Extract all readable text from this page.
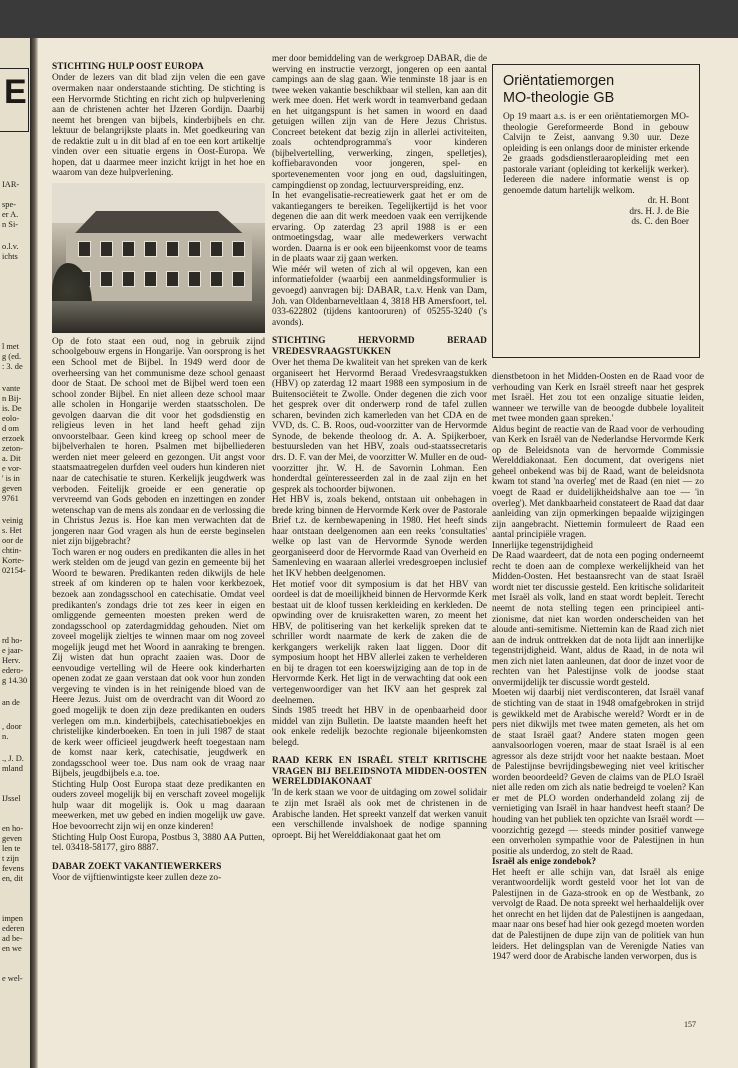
E
IAR-
spe-
er A.
n Si-
o.l.v.
ichts
l met
g (ed.
: 3. de
vante
n Bij-
is. De
eolo-
d om
erzoek
zeton-
a. Dit
e vor-
' is in
geven
9761
veinig
s. Het
oor de
chtin-
Korte-
02154-
rd ho-
e jaar-
Herv.
edero-
g 14.30
an de
, door
n.
., J. D.
mland
IJssel
en ho-
geven
len te
t zijn
fevens
en, dit
impen
ederen
ad be-
en we
e wel-
STICHTING HULP OOST EUROPA

Onder de lezers van dit blad zijn velen die een gave overmaken naar onderstaande stichting. De stichting is een Hervormde Stichting en richt zich op hulpverlening aan de christenen achter het IJzeren Gordijn. Daarbij neemt het brengen van bijbels, kinderbijbels en chr. lektuur de belangrijkste plaats in. Met goedkeuring van de redaktie zult u in dit blad af en toe een kort artikeltje vinden over een situatie ergens in Oost-Europa. We hopen, dat u daarmee meer inzicht krijgt in het hoe en waarom van deze hulpverlening.

Op de foto staat een oud, nog in gebruik zijnd schoolgebouw ergens in Hongarije. Van oorsprong is het een School met de Bijbel. In 1949 werd door de overheersing van het communisme deze school genaast door de Staat. De school met de Bijbel werd toen een school zonder Bijbel. En niet alleen deze school maar alle scholen in Hongarije werden staatsscholen. De gevolgen daarvan die dit voor het godsdienstig en religieus leven in het land heeft gehad zijn onvoorstelbaar. Geen kind kreeg op school meer de bijbelverhalen te horen. Psalmen met bijbelliederen werden niet meer geleerd en gezongen. Uit angst voor staatsmaatregelen durfden veel ouders hun kinderen niet naar de catechisatie te sturen. Kerkelijk jeugdwerk was verboden. Feitelijk groeide er een generatie op vervreemd van Gods geboden en inzettingen en zonder wetenschap van de mens als zondaar en de verlossing die in Christus Jezus is. Hoe kan men verwachten dat de jongeren naar God vragen als hun de eerste beginselen niet zijn bijgebracht?

Toch waren er nog ouders en predikanten die alles in het werk stelden om de jeugd van gezin en gemeente bij het Woord te bewaren. Predikanten reden dikwijls de hele streek af om kinderen op te halen voor kerkbezoek, bezoek aan zondagsschool en catechisatie. Omdat veel predikanten's zondags drie tot zes keer in eigen en omliggende gemeenten moesten preken werd de zondagsschool op zaterdagmiddag gehouden. Niet om zoveel mogelijk zieltjes te winnen maar om nog zoveel mogelijk jeugd met het Woord in aanraking te brengen. Zij wisten dat hun opracht zaaien was. Door de eenvoudige vertelling wil de Heere ook kinderharten openen zodat ze gaan verstaan dat ook voor hun zonden vergeving te vinden is in het reinigende bloed van de Heere Jezus. Juist om de overdracht van dit Woord zo goed mogelijk te doen zijn deze predikanten en ouders verlegen om m.n. kinderbijbels, catechisatieboekjes en christelijke kinderboeken. En toen in juli 1987 de staat de kerk weer officieel jeugdwerk heeft toegestaan nam de komst naar kerk, catechisatie, jeugdwerk en zondagsschool weer toe. Dus nam ook de vraag naar Bijbels, jeugdbijbels e.a. toe.

Stichting Hulp Oost Europa staat deze predikanten en ouders zoveel mogelijk bij en verschaft zoveel mogelijk hulp waar dit mogelijk is. Ook u mag daaraan meewerken, met uw gebed en indien mogelijk uw gave. Hoe bevoorrecht zijn wij en onze kinderen!

Stichting Hulp Oost Europa, Postbus 3, 3880 AA Putten, tel. 03418-58177, giro 8887.

DABAR ZOEKT VAKANTIEWERKERS

Voor de vijftienwintigste keer zullen deze zo-

mer door bemiddeling van de werkgroep DABAR, die de werving en instructie verzorgt, jongeren op een aantal campings aan de slag gaan. Wie tenminste 18 jaar is en twee weken vakantie beschikbaar wil stellen, kan aan dit werk mee doen. Het werk wordt in teamverband gedaan en het uitgangspunt is het samen in woord en daad getuigen willen zijn van de Here Jezus Christus. Concreet betekent dat bezig zijn in allerlei activiteiten, zoals ochtendprogramma's voor kinderen (bijbelvertelling, verwerking, zingen, spelletjes), koffiebaravonden voor jongeren, spel- en sportevenementen voor jong en oud, dagsluitingen, campingdienst op zondag, lectuurverspreiding, enz.

In het evangelisatie-recreatiewerk gaat het er om de vakantiegangers te bereiken. Tegelijkertijd is het voor degenen die aan dit werk meedoen vaak een verrijkende ervaring. Op zaterdag 23 april 1988 is er een ontmoetingsdag, waar alle medewerkers verwacht worden. Daarna is er ook een bijeenkomst voor de teams in de plaats waar zij gaan werken.

Wie méér wil weten of zich al wil opgeven, kan een informatiefolder (waarbij een aanmeldingsformulier is gevoegd) aanvragen bij: DABAR, t.a.v. Henk van Dam, Joh. van Oldenbarneveltlaan 4, 3818 HB Amersfoort, tel. 033-622802 (tijdens kantooruren) of 05255-3240 ('s avonds).

STICHTING HERVORMD BERAAD VREDESVRAAGSTUKKEN

Over het thema De kwaliteit van het spreken van de kerk organiseert het Hervormd Beraad Vredesvraagstukken (HBV) op zaterdag 12 maart 1988 een symposium in de Buitensociëteit te Zwolle. Onder degenen die zich voor het gesprek over dit onderwerp rond de tafel zullen scharen, bevinden zich kamerleden van het CDA en de VVD, ds. C. B. Roos, oud-voorzitter van de Hervormde Synode, de bekende theoloog dr. A. A. Spijkerboer, bestuursleden van het HBV, zoals oud-staatssecretaris drs. D. F. van der Mei, de voorzitter W. Muller en de oud-voorzitter jhr. W. H. de Savornin Lohman. Een honderdtal geïnteresseerden zal in de zaal zijn en het gesprek als tochoorder bijwonen.

Het HBV is, zoals bekend, ontstaan uit onbehagen in brede kring binnen de Hervormde Kerk over de Pastorale Brief t.z. de kernbewapening in 1980. Het heeft sinds haar ontstaan deelgenomen aan een reeks 'consultaties' welke op last van de Hervormde Synode werden georganiseerd door de Hervormde Raad van Overheid en Samenleving en waaraan allerlei vredesgroepen inclusief het IKV hebben deelgenomen.

Het motief voor dit symposium is dat het HBV van oordeel is dat de moeilijkheid binnen de Hervormde Kerk bestaat uit de kloof tussen kerkleiding en kerkleden. De opwinding over de kruisraketten waren, zo meent het HBV, de politisering van het kerkelijk spreken dat te schriller wordt naarmate de kerk de zaken die de kerkgangers werkelijk raken laat liggen. Door dit symposium hoopt het HBV allerlei zaken te verhelderen en bij te dragen tot een koerswijziging aan de top in de Hervormde Kerk. Het ligt in de verwachting dat ook een vertegenwoordiger van het IKV aan het gesprek zal deelnemen.

Sinds 1985 treedt het HBV in de openbaarheid door middel van zijn Bulletin. De laatste maanden heeft het ook enkele redelijk bezochte regionale bijeenkomsten belegd.

RAAD KERK EN ISRAËL STELT KRITISCHE VRAGEN BIJ BELEIDSNOTA MIDDEN-OOSTEN WERELDDIAKONAAT

'In de kerk staan we voor de uitdaging om zowel solidair te zijn met Israël als ook met de christenen in de Arabische landen. Het spreekt vanzelf dat werken vanuit een verschillende invalshoek de nodige spanning oproept. Bij het Werelddiakonaat gaat het om

Oriëntatiemorgen
MO-theologie GB
Op 19 maart a.s. is er een oriëntatiemorgen MO-theologie Gereformeerde Bond in gebouw Calvijn te Zeist, aanvang 9.30 uur. Deze opleiding is een onlangs door de minister erkende 2e graads godsdienstleraaropleiding met een pastorale variant (opleiding tot kerkelijk werker). Iedereen die nadere informatie wenst is op genoemde datum hartelijk welkom.
dr. H. Bont
drs. H. J. de Bie
ds. C. den Boer

dienstbetoon in het Midden-Oosten en de Raad voor de verhouding van Kerk en Israël streeft naar het gesprek met Israël. Het zou tot een onzalige situatie leiden, wanneer we terwille van de beoogde dubbele loyaliteit met twee monden gaan spreken.'

Aldus begint de reactie van de Raad voor de verhouding van Kerk en Israël van de Nederlandse Hervormde Kerk op de Beleidsnota van de hervormde Commissie Werelddiakonaat. Een document, dat overigens niet geheel onbekend was bij de Raad, want de beleidsnota kwam tot stand 'na overleg' met de Raad (en niet — zo voegt de Raad er duidelijkheidshalve aan toe — 'in overleg'). Met dankbaarheid constateert de Raad dat daar aanleiding van zijn opmerkingen bepaalde wijzigingen zijn aangebracht. Niettemin formuleert de Raad een aantal principiële vragen.

Innerlijke tegenstrijdigheid

De Raad waardeert, dat de nota een poging onderneemt recht te doen aan de complexe werkelijkheid van het Midden-Oosten. Het bestaansrecht van de staat Israël wordt niet ter discussie gesteld. Een kritische solidariteit met Israël als volk, land en staat wordt bepleit. Terecht neemt de nota stelling tegen een principieel anti-zionisme, dat niet kan worden onderscheiden van het aloude anti-semitisme. Niettemin kan de Raad zich niet aan de indruk onttrekken dat de nota lijdt aan innerlijke tegenstrijdigheid. Want, aldus de Raad, in de nota wil men zich niet laten aanleunen, dat door de inzet voor de rechten van het Palestijnse volk de joodse staat onvermijdelijk ter discussie wordt gesteld.

Moeten wij daarbij niet verdisconteren, dat Israël vanaf de stichting van de staat in 1948 omafgebroken in strijd is gewikkeld met de Arabische wereld? Wordt er in de pers niet dikwijls met twee maten gemeten, als het om de staat Israël gaat? Andere staten mogen geen aanvalsoorlogen voeren, maar de staat Israël is al een agressor als deze strijdt voor het naakte bestaan. Moet de Palestijnse bevrijdingsbeweging niet veel kritischer worden beoordeeld? Geven de claims van de PLO Israël niet alle reden om zich als natie bedreigd te voelen? Kan er met de PLO worden onderhandeld zolang zij de vernietiging van Israël in haar handvest heeft staan? De houding van het publiek ten opzichte van Israël wordt — voorzichtig gezegd — steeds minder positief vanwege een onverholen sympathie voor de Palestijnen in hun positie als underdog, zo stelt de Raad.

Israël als enige zondebok?

Het heeft er alle schijn van, dat Israël als enige verantwoordelijk wordt gesteld voor het lot van de Palestijnen in de Gaza-strook en op de Westbank, zo vervolgt de Raad. De nota spreekt wel herhaaldelijk over het onrecht en het lijden dat de Palestijnen is aangedaan, maar naar ons besef had hier ook gezegd moeten worden dat de Palestijnen de dupe zijn van de politiek van hun leiders. Het delingsplan van de Verenigde Naties van 1947 werd door de Arabische landen verworpen, dus is

157
